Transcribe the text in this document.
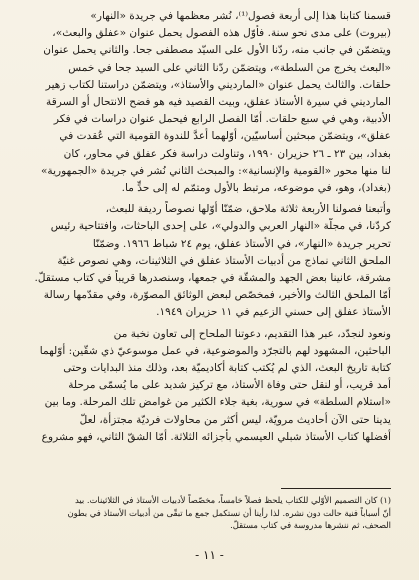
قسمنا كتابنا هذا إلى أربعة فصول⁽¹⁾، نُشر معظمها في جريدة «النهار»
(بيروت) على مدى نحو سنة. فأوّل هذه الفصول يحمل عنوان «عفلق والبعث»،
ويتضمّن في جانب منه، ردّنا الأول على السيّد مصطفى جحا. والثاني يحمل عنوان
«البعث يخرج من السلطة»، ويتضمّن ردّنا الثاني على السيد جحا في خمس
حلقات. والثالث يحمل عنوان «المارديني والأستاذ»، ويتضمّن دراستنا لكتاب زهير
المارديني في سيرة الأستاذ عفلق، وبيت القصيد فيه هو فضح الانتحال أو السرقة
الأدبية، وهي في سبع حلقات. أمّا الفصل الرابع فيحمل عنوان دراسات في فكر
عفلق»، ويتضمّن مبحثين أساسيّين، أوّلهما أُعدَّ للندوة القومية التي عُقدت في
بغداد، بين ٢٣ ـ ٢٦ حزيران ١٩٩٠، وتناولت دراسة فكر عفلق في محاور، كان
لنا منها محور «القومية والإنسانية»: والمبحث الثاني نُشر في جريدة «الجمهورية»
(بغداد)، وهو، في موضوعه، مرتبط بالأول ومتمّم له إلى حدٍّ ما.
وأتبعنا فصولنا الأربعة ثلاثة ملاحق، ضمّنّا أوّلها نصوصاً رديفة للبعث،
كردّنا، في مجلّة «النهار العربي والدولي»، على إحدى الباحثات، وافتتاحية رئيس
تحرير جريدة «النهار»، في الأستاذ عفلق، يوم ٢٤ شباط ١٩٦٦. وضمّنّا
الملحق الثاني نماذج من أدبيات الأستاذ عفلق في الثلاثينات، وهي نصوص غنيّة
مشرقة، عانينا بعض الجهد والمشقّة في جمعها، وسنصدرها قريباً في كتاب مستقلّ.
أمّا الملحق الثالث والأخير، فمخصّص لبعض الوثائق المصوّرة، وفي مقدّمها رسالة
الأستاذ عفلق إلى حسني الزعيم في ١١ حزيران ١٩٤٩.
ونعود لنجدّد، عبر هذا التقديم، دعوتنا الملحاح إلى تعاون نخبة من
الباحثين، المشهود لهم بالتجرّد والموضوعية، في عمل موسوعيّ ذي شقّين: أوّلهما
كتابة تاريخ البعث، الذي لم يُكتب كتابة أكاديميّة بعد، وذلك منذ البدايات وحتى
أمد قريب، أو لنقل حتى وفاة الأستاذ، مع تركيز شديد على ما يُسمّى مرحلة
«استلام السلطة» في سورية، بغية جلاء الكثير من غوامض تلك المرحلة. وما بين
يدينا حتى الآن أحاديث مرويّة، ليس أكثر من محاولات فرديّة مجتزأة، لعلّ
أفضلها كتاب الأستاذ شبلي العيسمي بأجزائه الثلاثة. أمّا الشقّ الثاني، فهو مشروع
(١) كان التصميم الأوّلي للكتاب يلحظ فصلاً خامساً، مخصّصاً لأدبيات الأستاذ في الثلاثينات. بيد
أنّ أسباباً فنية حالت دون نشره. لذا رأينا أن نستكمل جمع ما تبقّى من أدبيات الأستاذ في بطون
الصحف، ثم ننشرها مدروسة في كتاب مستقلّ.
- ١١ -
